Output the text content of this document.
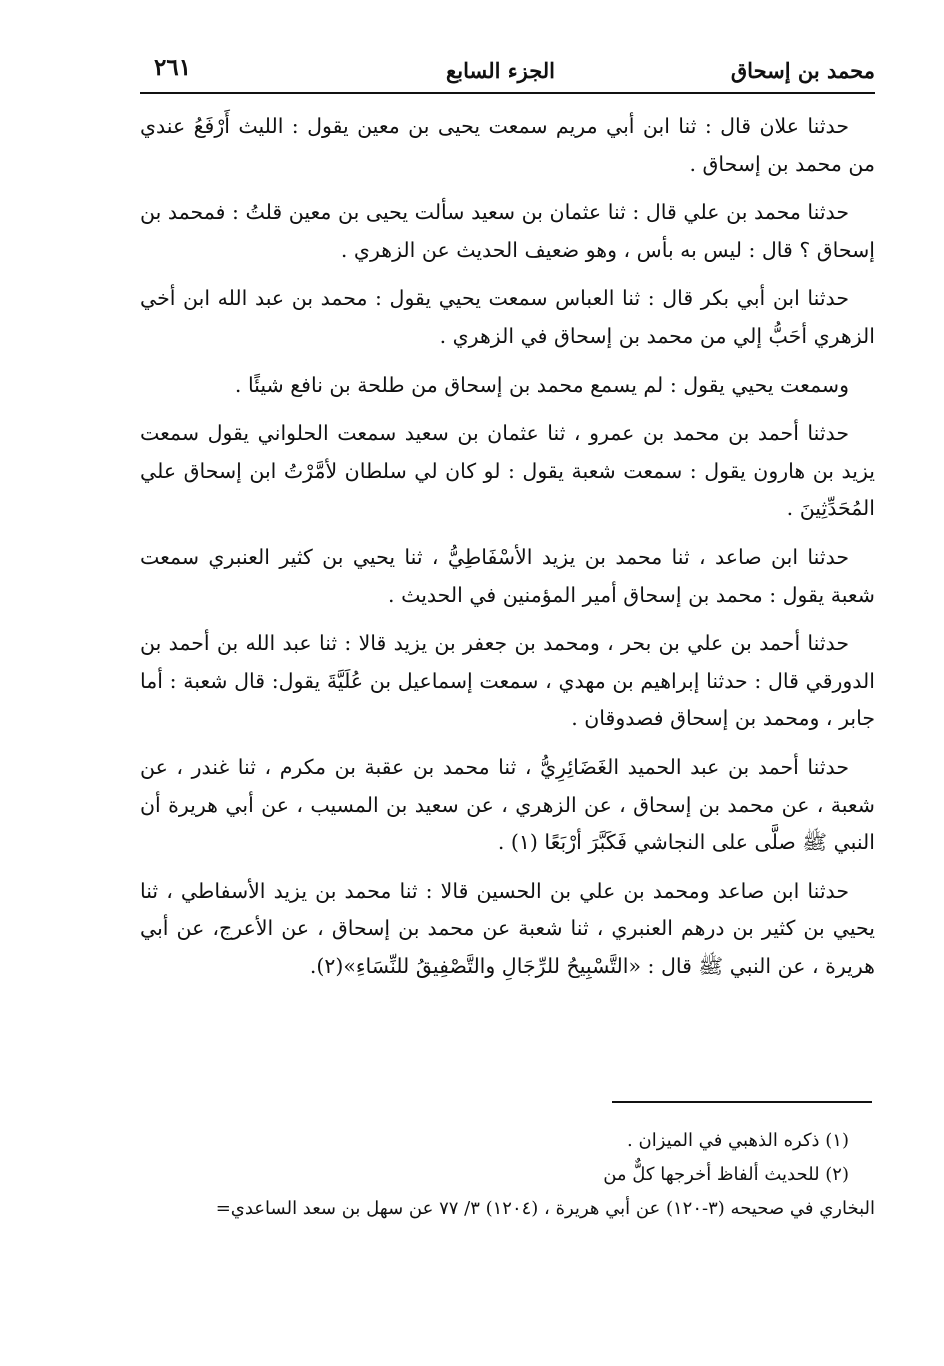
محمد بن إسحاق
الجزء السابع
٢٦١

حدثنا علان قال : ثنا ابن أبي مريم سمعت يحيى بن معين يقول : الليث أَرْفَعُ عندي من محمد بن إسحاق .

حدثنا محمد بن علي قال : ثنا عثمان بن سعيد سألت يحيى بن معين قلتُ : فمحمد بن إسحاق ؟ قال : ليس به بأس ، وهو ضعيف الحديث عن الزهري .

حدثنا ابن أبي بكر قال : ثنا العباس سمعت يحيي يقول : محمد بن عبد الله ابن أخي الزهري أحَبُّ إلي من محمد بن إسحاق في الزهري .

وسمعت يحيي يقول : لم يسمع محمد بن إسحاق من طلحة بن نافع شيئًا .

حدثنا أحمد بن محمد بن عمرو ، ثنا عثمان بن سعيد سمعت الحلواني يقول سمعت يزيد بن هارون يقول : سمعت شعبة يقول : لو كان لي سلطان لأمَّرْتُ ابن إسحاق علي المُحَدِّثِينَ .

حدثنا ابن صاعد ، ثنا محمد بن يزيد الأسْفَاطِيُّ ، ثنا يحيي بن كثير العنبري سمعت شعبة يقول : محمد بن إسحاق أمير المؤمنين في الحديث .

حدثنا أحمد بن علي بن بحر ، ومحمد بن جعفر بن يزيد قالا : ثنا عبد الله بن أحمد بن الدورقي قال : حدثنا إبراهيم بن مهدي ، سمعت إسماعيل بن عُلَيَّةَ يقول: قال شعبة : أما جابر ، ومحمد بن إسحاق فصدوقان .

حدثنا أحمد بن عبد الحميد الغَضَائِرِيُّ ، ثنا محمد بن عقبة بن مكرم ، ثنا غندر ، عن شعبة ، عن محمد بن إسحاق ، عن الزهري ، عن سعيد بن المسيب ، عن أبي هريرة أن النبي ﷺ صلَّى على النجاشي فَكَبَّرَ أرْبَعًا (١) .

حدثنا ابن صاعد ومحمد بن علي بن الحسين قالا : ثنا محمد بن يزيد الأسفاطي ، ثنا يحيي بن كثير بن درهم العنبري ، ثنا شعبة عن محمد بن إسحاق ، عن الأعرج، عن أبي هريرة ، عن النبي ﷺ قال : «التَّسْبِيحُ للرِّجَالِ والتَّصْفِيقُ للنِّسَاءِ»(٢).

(١) ذكره الذهبي في الميزان .

(٢) للحديث ألفاظ أخرجها كلٌّ من

البخاري في صحيحه (٣-١٢٠) عن أبي هريرة ، (١٢٠٤) ٣/ ٧٧ عن سهل بن سعد الساعدي=
